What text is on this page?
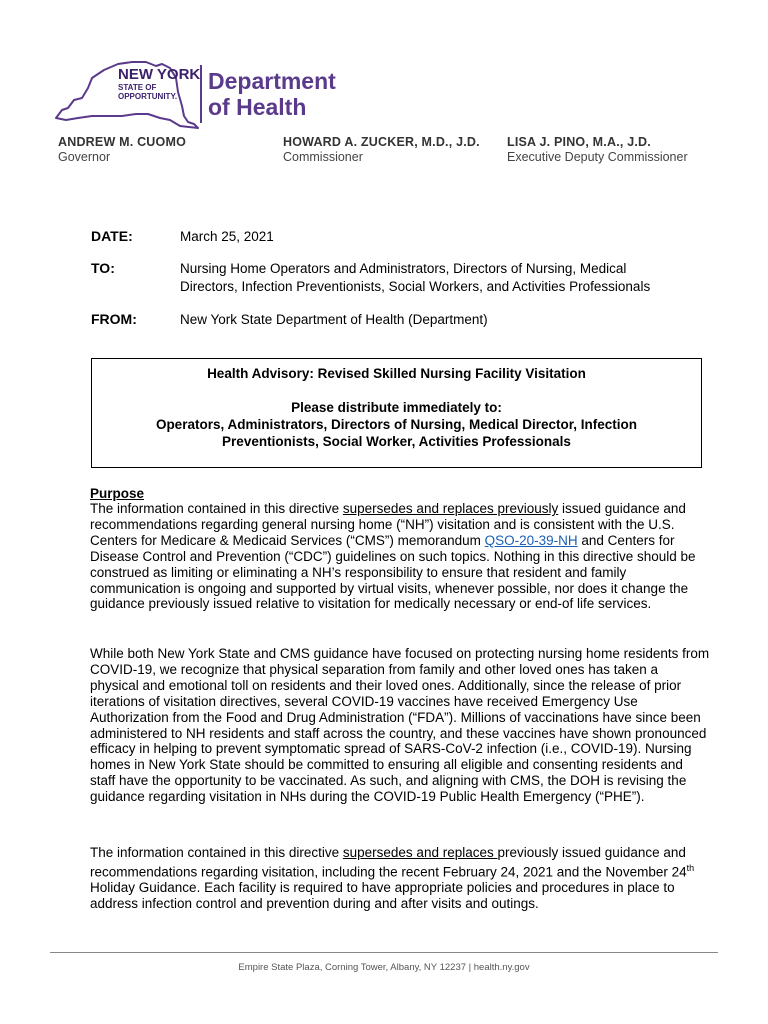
NEW YORK
STATE OF
OPPORTUNITY.
Department
of Health
ANDREW M. CUOMO
Governor
HOWARD A. ZUCKER, M.D., J.D.
Commissioner
LISA J. PINO, M.A., J.D.
Executive Deputy Commissioner
DATE:	March 25, 2021
TO:	Nursing Home Operators and Administrators, Directors of Nursing, Medical
Directors, Infection Preventionists, Social Workers, and Activities Professionals
FROM:	New York State Department of Health (Department)
Health Advisory: Revised Skilled Nursing Facility Visitation
Please distribute immediately to:
Operators, Administrators, Directors of Nursing, Medical Director, Infection
Preventionists, Social Worker, Activities Professionals
Purpose
The information contained in this directive supersedes and replaces previously issued guidance and recommendations regarding general nursing home (“NH”) visitation and is consistent with the U.S. Centers for Medicare & Medicaid Services (“CMS”) memorandum QSO-20-39-NH and Centers for Disease Control and Prevention (“CDC”) guidelines on such topics. Nothing in this directive should be construed as limiting or eliminating a NH’s responsibility to ensure that resident and family communication is ongoing and supported by virtual visits, whenever possible, nor does it change the guidance previously issued relative to visitation for medically necessary or end-of life services.
While both New York State and CMS guidance have focused on protecting nursing home residents from COVID-19, we recognize that physical separation from family and other loved ones has taken a physical and emotional toll on residents and their loved ones. Additionally, since the release of prior iterations of visitation directives, several COVID-19 vaccines have received Emergency Use Authorization from the Food and Drug Administration (“FDA”). Millions of vaccinations have since been administered to NH residents and staff across the country, and these vaccines have shown pronounced efficacy in helping to prevent symptomatic spread of SARS-CoV-2 infection (i.e., COVID-19). Nursing homes in New York State should be committed to ensuring all eligible and consenting residents and staff have the opportunity to be vaccinated. As such, and aligning with CMS, the DOH is revising the guidance regarding visitation in NHs during the COVID-19 Public Health Emergency (“PHE”).
The information contained in this directive supersedes and replaces previously issued guidance and recommendations regarding visitation, including the recent February 24, 2021 and the November 24th Holiday Guidance. Each facility is required to have appropriate policies and procedures in place to address infection control and prevention during and after visits and outings.
Empire State Plaza, Corning Tower, Albany, NY 12237 | health.ny.gov
